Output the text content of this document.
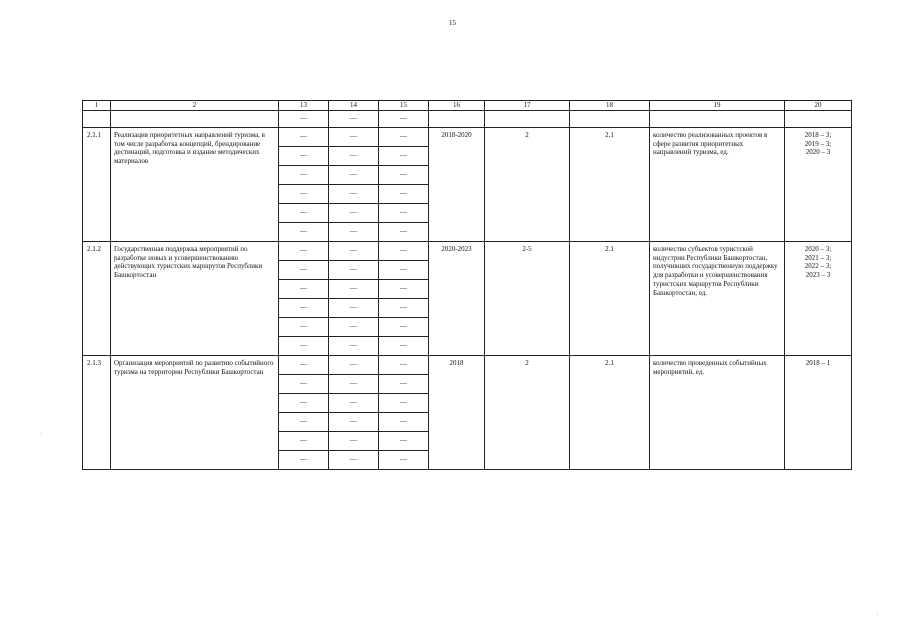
15
1	2	13	14	15	16	17	18	19	20
		—	—	—					
2.1.1	Реализация приоритетных направлений туризма, в том числе разработка концепций, брендирование дестинаций, подготовка и издание методических материалов	—	—	—	2018-2020	2	2.1	количество реализованных проектов в сфере развития приоритетных направлений туризма, ед.	2018 – 3;
2019 – 3;
2020 – 3

		—	—	—					
		—	—	—					
		—	—	—					
		—	—	—					
		—	—	—					
2.1.2	Государственная поддержка мероприятий по разработке новых и усовершенствованию действующих туристских маршрутов Республики Башкортостан	—	—	—	2020-2023	2-5	2.1	количество субъектов туристской индустрии Республики Башкортостан, получивших государственную поддержку для разработки и усовершенствования туристских маршрутов Республики Башкортостан, ед.	2020 – 3;
2021 – 3;
2022 – 3;
2023 – 3

		—	—	—					
		—	—	—					
		—	—	—					
		—	—	—					
		—	—	—					
2.1.3	Организация мероприятий по развитию событийного туризма на территории Республики Башкортостан	—	—	—	2018	2	2.1	количество проведенных событийных мероприятий, ед.	2018 – 1

		—	—	—					
		—	—	—					
		—	—	—					
		—	—	—					
		—	—	—					
.
:
